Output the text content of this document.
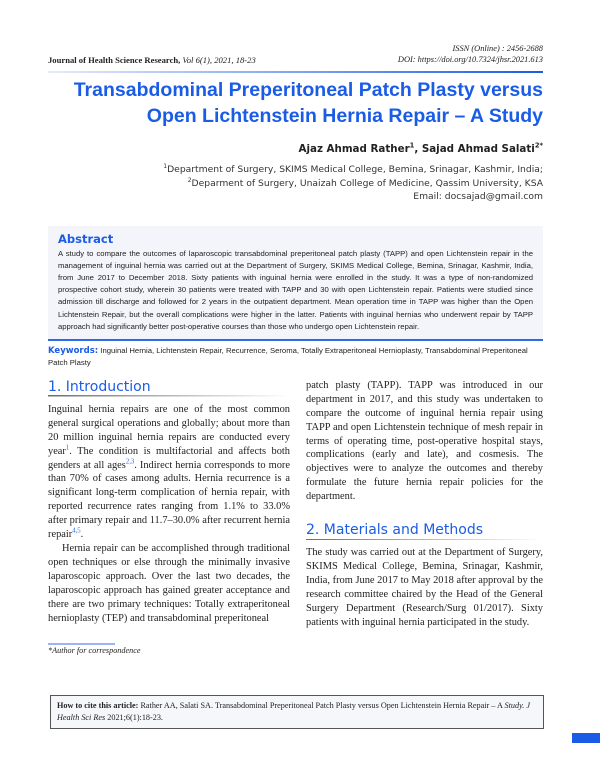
Journal of Health Science Research, Vol 6(1), 2021, 18-23
ISSN (Online) : 2456-2688
DOI: https://doi.org/10.7324/jhsr.2021.613
Transabdominal Preperitoneal Patch Plasty versus Open Lichtenstein Hernia Repair – A Study
Ajaz Ahmad Rather$^1$, Sajad Ahmad Salati$^{2*}$
$^1$Department of Surgery, SKIMS Medical College, Bemina, Srinagar, Kashmir, India;
$^2$Deparment of Surgery, Unaizah College of Medicine, Qassim University, KSA
Email: docsajad@gmail.com
Abstract

A study to compare the outcomes of laparoscopic transabdominal preperitoneal patch plasty (TAPP) and open Lichtenstein repair in the management of inguinal hernia was carried out at the Department of Surgery, SKIMS Medical College, Bemina, Srinagar, Kashmir, India, from June 2017 to December 2018. Sixty patients with inguinal hernia were enrolled in the study. It was a type of non-randomized prospective cohort study, wherein 30 patients were treated with TAPP and 30 with open Lichtenstein repair. Patients were studied since admission till discharge and followed for 2 years in the outpatient department. Mean operation time in TAPP was higher than the Open Lichtenstein Repair, but the overall complications were higher in the latter. Patients with inguinal hernias who underwent repair by TAPP approach had significantly better post-operative courses than those who undergo open Lichtenstein repair.

Keywords: Inguinal Hernia, Lichtenstein Repair, Recurrence, Seroma, Totally Extraperitoneal Hernioplasty, Transabdominal Preperitoneal Patch Plasty
1. Introduction

Inguinal hernia repairs are one of the most common general surgical operations and globally; about more than 20 million inguinal hernia repairs are conducted every year$^1$. The condition is multifactorial and affects both genders at all ages$^{2,3}$. Indirect hernia corresponds to more than 70% of cases among adults. Hernia recurrence is a significant long-term complication of hernia repair, with reported recurrence rates ranging from 1.1% to 33.0% after primary repair and 11.7–30.0% after recurrent hernia repair$^{4,5}$.

Hernia repair can be accomplished through traditional open techniques or else through the minimally invasive laparoscopic approach. Over the last two decades, the laparoscopic approach has gained greater acceptance and there are two primary techniques: Totally extraperitoneal hernioplasty (TEP) and transabdominal preperitoneal

*Author for correspondence

patch plasty (TAPP). TAPP was introduced in our department in 2017, and this study was undertaken to compare the outcome of inguinal hernia repair using TAPP and open Lichtenstein technique of mesh repair in terms of operating time, post-operative hospital stays, complications (early and late), and cosmesis. The objectives were to analyze the outcomes and thereby formulate the future hernia repair policies for the department.

2. Materials and Methods

The study was carried out at the Department of Surgery, SKIMS Medical College, Bemina, Srinagar, Kashmir, India, from June 2017 to May 2018 after approval by the research committee chaired by the Head of the General Surgery Department (Research/Surg 01/2017). Sixty patients with inguinal hernia participated in the study.

How to cite this article: Rather AA, Salati SA. Transabdominal Preperitoneal Patch Plasty versus Open Lichtenstein Hernia Repair – A Study. J Health Sci Res 2021;6(1):18-23.
